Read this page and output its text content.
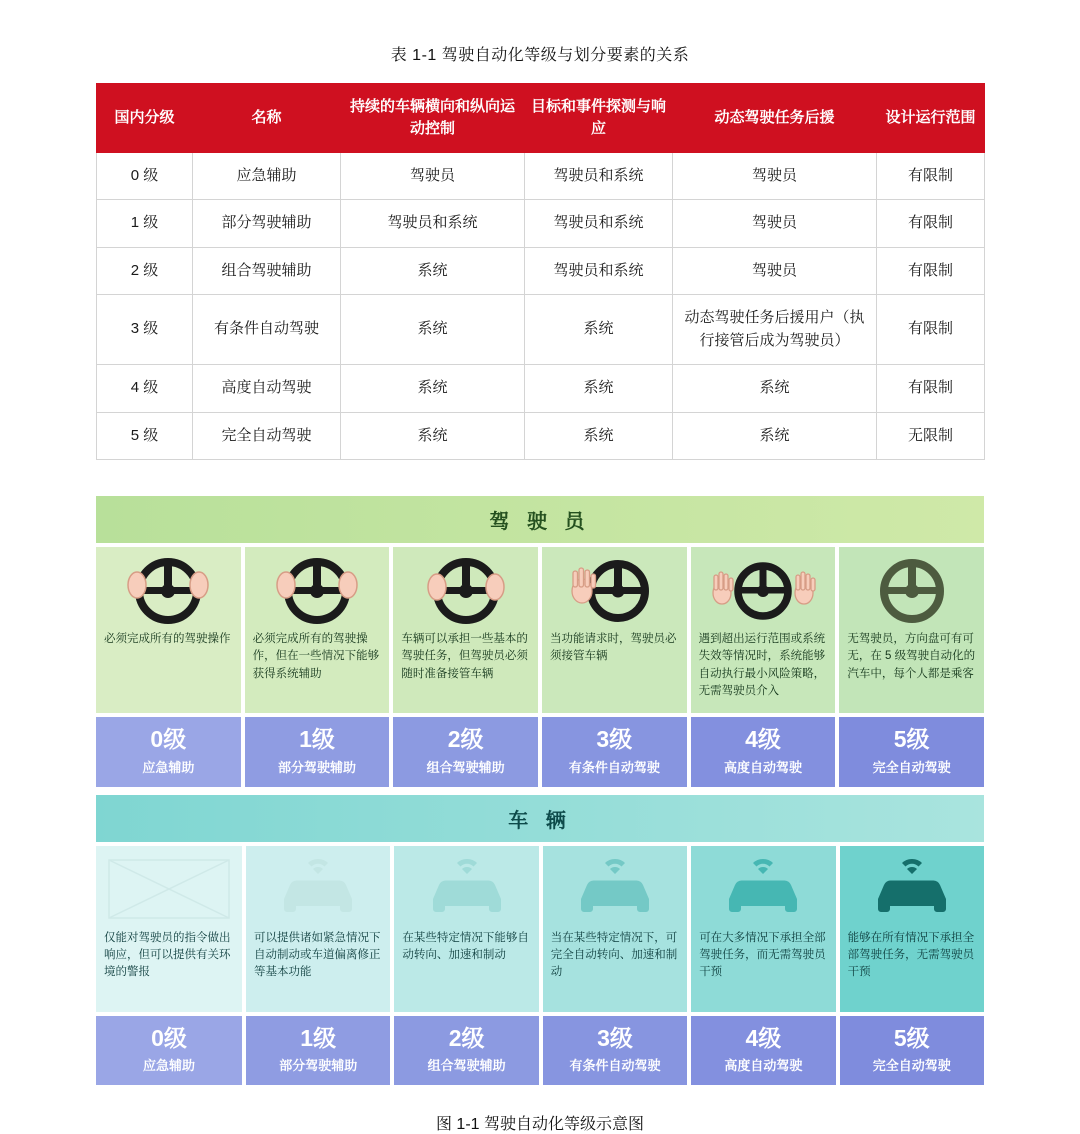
表 1-1 驾驶自动化等级与划分要素的关系
国内分级	名称	持续的车辆横向和纵向运动控制	目标和事件探测与响应	动态驾驶任务后援	设计运行范围
0 级	应急辅助	驾驶员	驾驶员和系统	驾驶员	有限制
1 级	部分驾驶辅助	驾驶员和系统	驾驶员和系统	驾驶员	有限制
2 级	组合驾驶辅助	系统	驾驶员和系统	驾驶员	有限制
3 级	有条件自动驾驶	系统	系统	动态驾驶任务后援用户（执行接管后成为驾驶员）	有限制
4 级	高度自动驾驶	系统	系统	系统	有限制
5 级	完全自动驾驶	系统	系统	系统	无限制
驾 驶 员
必须完成所有的驾驶操作
0级
应急辅助
必须完成所有的驾驶操作，但在一些情况下能够获得系统辅助
1级
部分驾驶辅助
车辆可以承担一些基本的驾驶任务，但驾驶员必须随时准备接管车辆
2级
组合驾驶辅助
当功能请求时，驾驶员必须接管车辆
3级
有条件自动驾驶
遇到超出运行范围或系统失效等情况时，系统能够自动执行最小风险策略，无需驾驶员介入
4级
高度自动驾驶
无驾驶员，方向盘可有可无，在 5 级驾驶自动化的汽车中，每个人都是乘客
5级
完全自动驾驶
车 辆
仅能对驾驶员的指令做出响应，但可以提供有关环境的警报
0级
应急辅助
可以提供诸如紧急情况下自动制动或车道偏离修正等基本功能
1级
部分驾驶辅助
在某些特定情况下能够自动转向、加速和制动
2级
组合驾驶辅助
当在某些特定情况下，可完全自动转向、加速和制动
3级
有条件自动驾驶
可在大多情况下承担全部驾驶任务，而无需驾驶员干预
4级
高度自动驾驶
能够在所有情况下承担全部驾驶任务，无需驾驶员干预
5级
完全自动驾驶
图 1-1 驾驶自动化等级示意图
